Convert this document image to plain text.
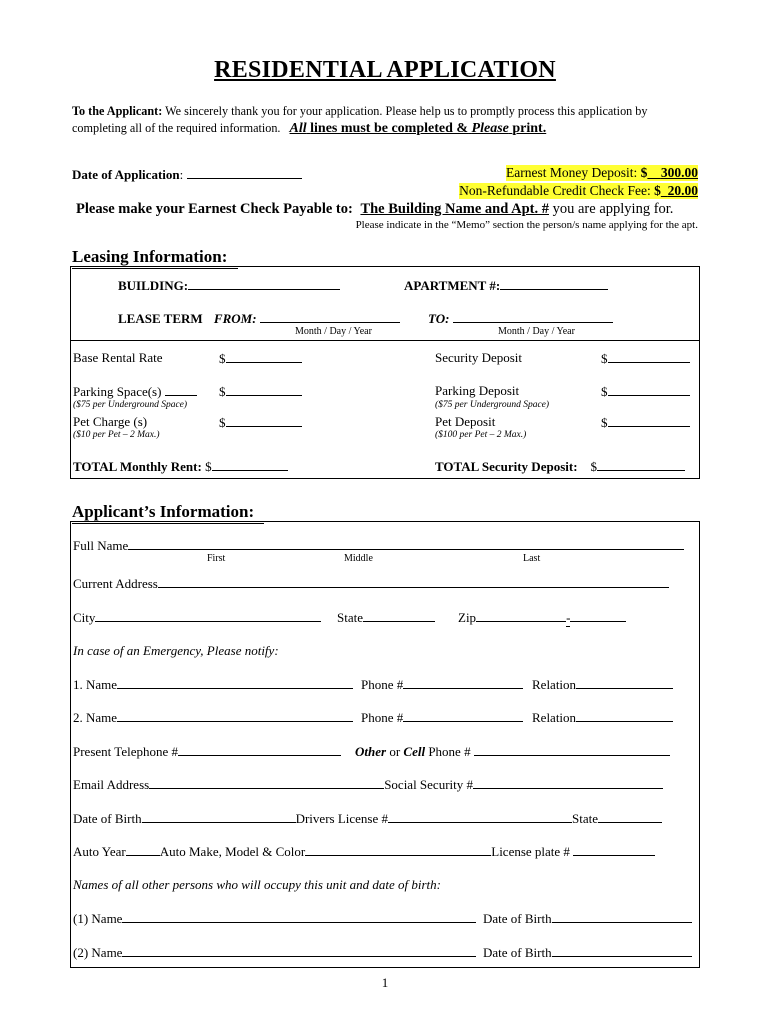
RESIDENTIAL APPLICATION
To the Applicant: We sincerely thank you for your application. Please help us to promptly process this application by
completing all of the required information. All lines must be completed & Please print.
Date of Application:	Earnest Money Deposit: $ 300.00
Non-Refundable Credit Check Fee: $ 20.00
Please make your Earnest Check Payable to: The Building Name and Apt. # you are applying for.
Please indicate in the “Memo” section the person/s name applying for the apt.
Leasing Information:
BUILDING:	APARTMENT #:
LEASE TERM FROM:	TO:
Month / Day / Year	Month / Day / Year
Base Rental Rate	$	Security Deposit	$
Parking Space(s)	$	Parking Deposit	$
($75 per Underground Space)	($75 per Underground Space)
Pet Charge (s)	$	Pet Deposit	$
($10 per Pet – 2 Max.)	($100 per Pet – 2 Max.)
TOTAL Monthly Rent: $	TOTAL Security Deposit: $
Applicant’s Information:
Full Name
First	Middle	Last
Current Address
City	State	Zip	-
In case of an Emergency, Please notify:
1. Name	Phone #	Relation
2. Name	Phone #	Relation
Present Telephone #	Other or Cell Phone #
Email Address	Social Security #
Date of Birth	Drivers License #	State
Auto Year	Auto Make, Model & Color	License plate #
Names of all other persons who will occupy this unit and date of birth:
(1) Name	Date of Birth
(2) Name	Date of Birth
1
